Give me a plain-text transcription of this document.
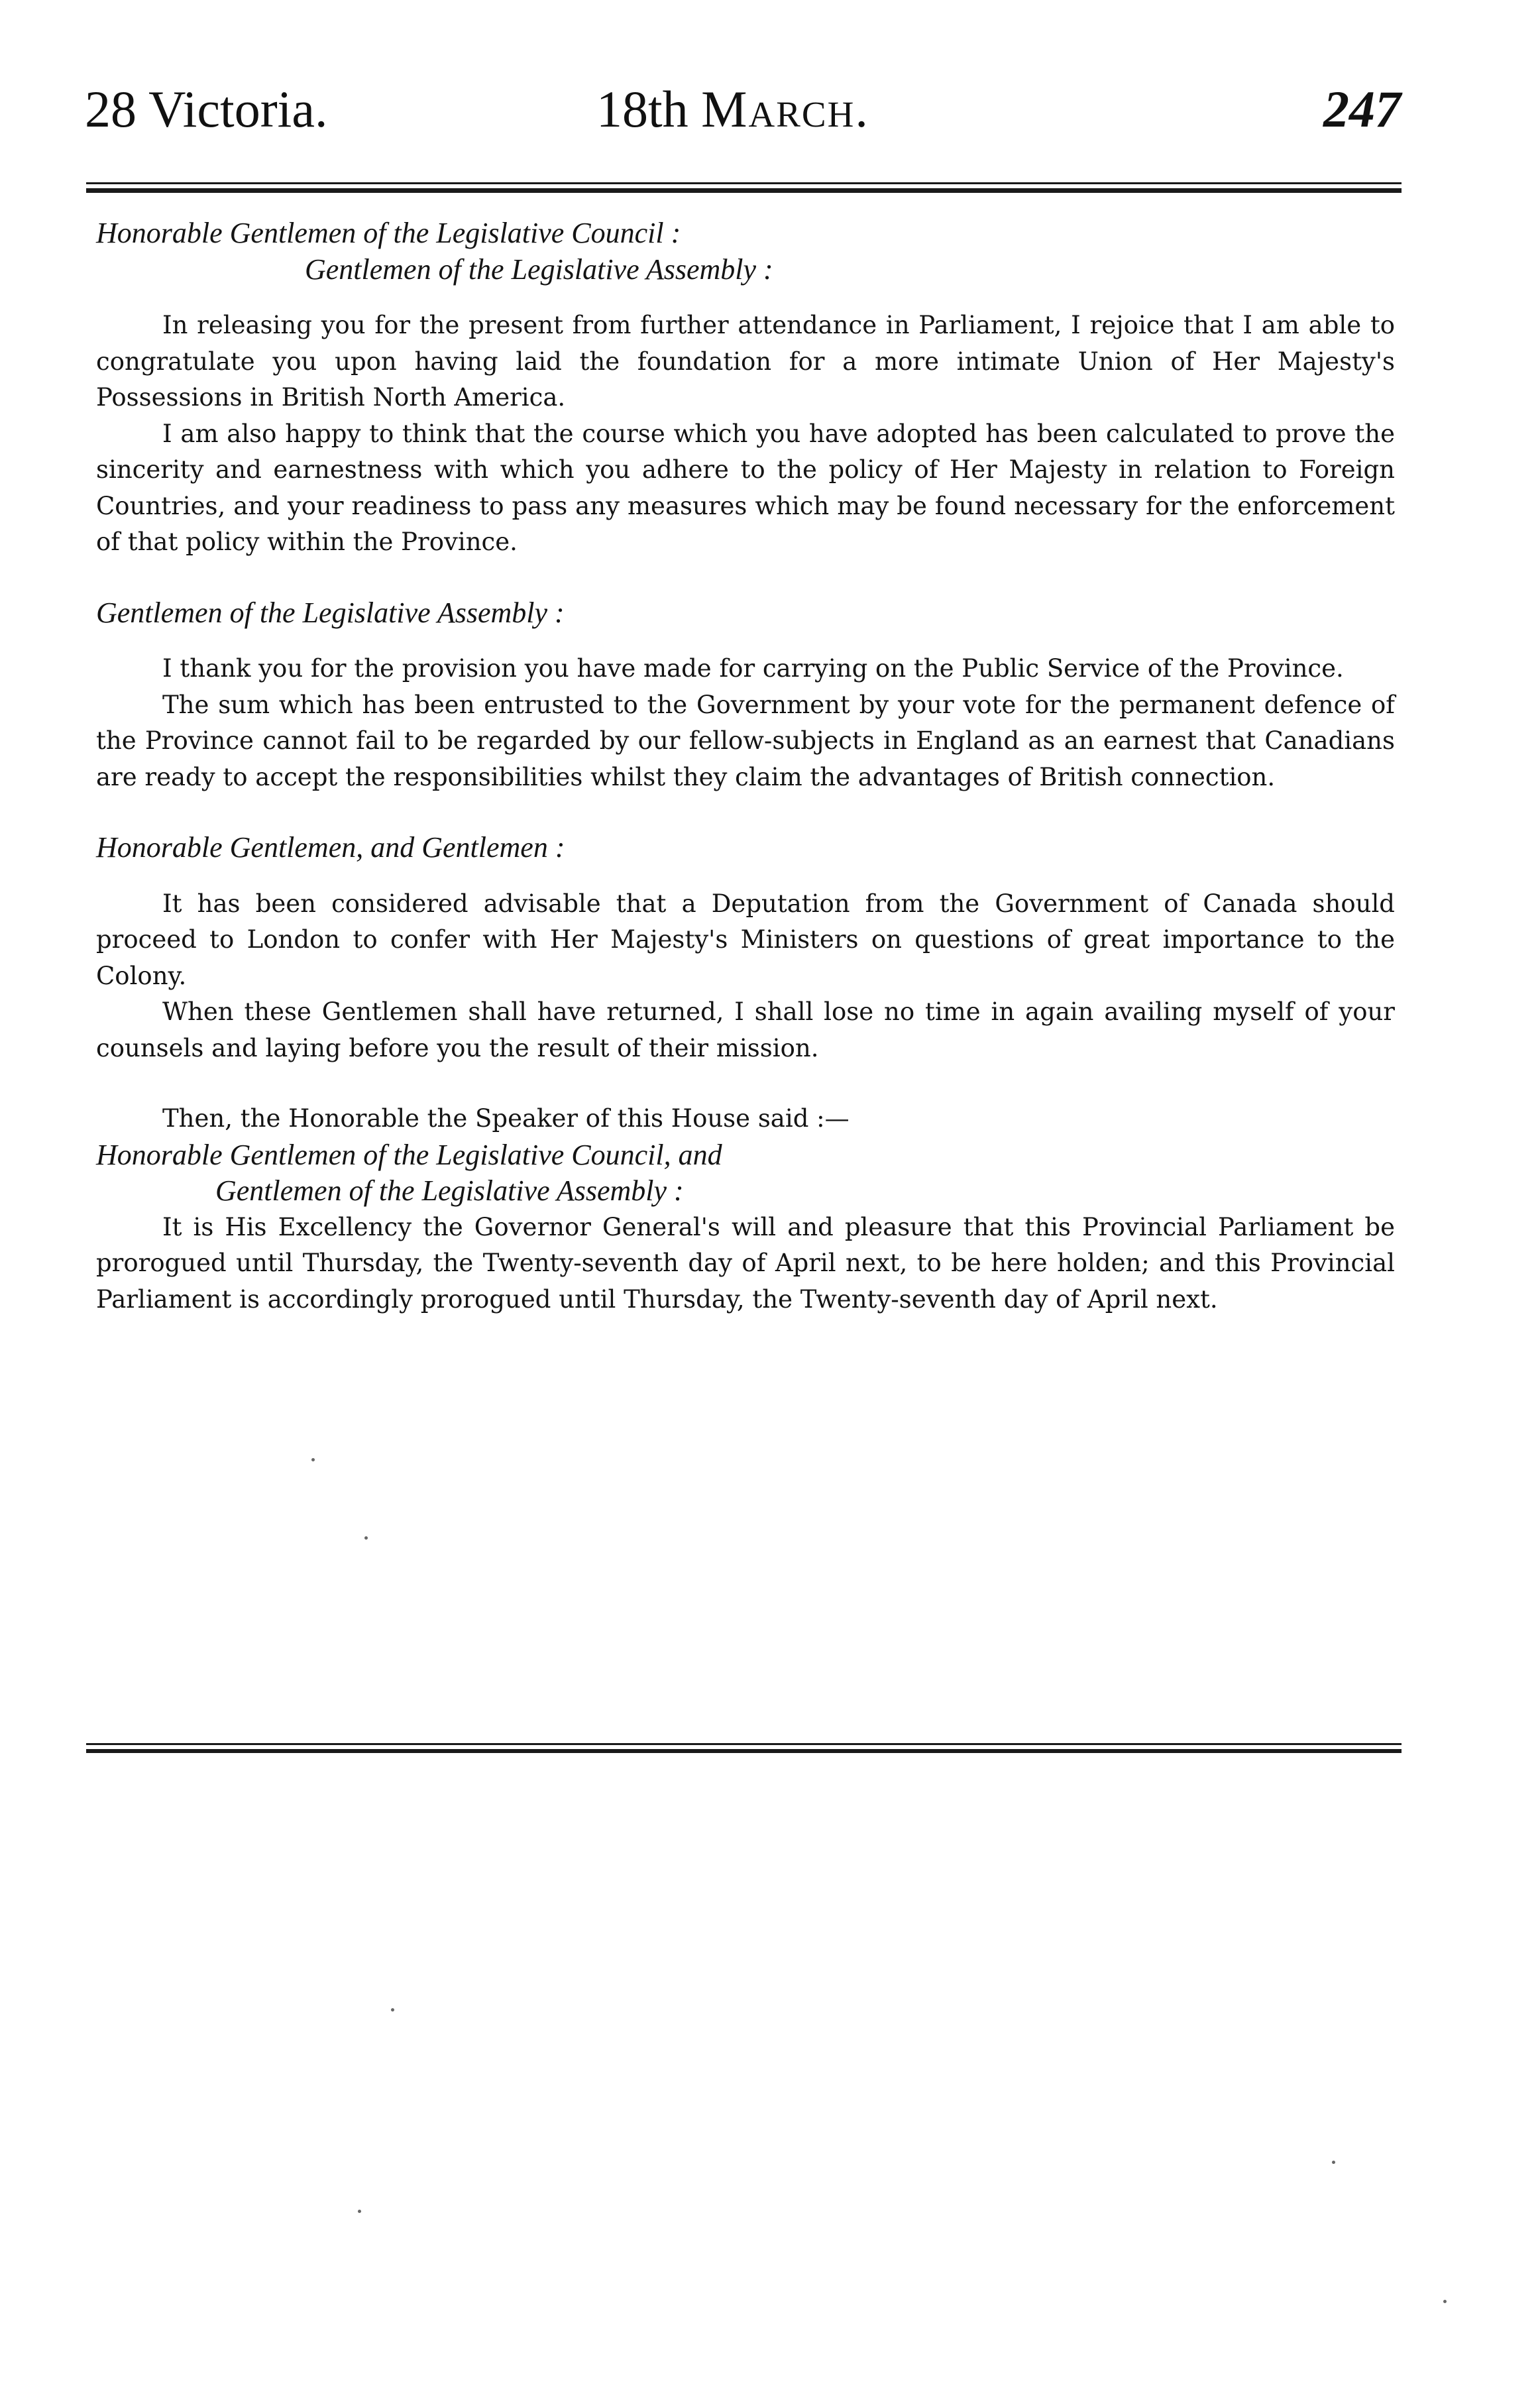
28 Victoria.	18th March.	247

Honorable Gentlemen of the Legislative Council :

Gentlemen of the Legislative Assembly :

In releasing you for the present from further attendance in Parliament, I rejoice that I am able to congratulate you upon having laid the foundation for a more intimate Union of Her Majesty's Possessions in British North America.

I am also happy to think that the course which you have adopted has been calculated to prove the sincerity and earnestness with which you adhere to the policy of Her Majesty in relation to Foreign Countries, and your readiness to pass any measures which may be found necessary for the enforcement of that policy within the Province.

Gentlemen of the Legislative Assembly :

I thank you for the provision you have made for carrying on the Public Service of the Province.

The sum which has been entrusted to the Government by your vote for the permanent defence of the Province cannot fail to be regarded by our fellow-subjects in England as an earnest that Canadians are ready to accept the responsibilities whilst they claim the advantages of British connection.

Honorable Gentlemen, and Gentlemen :

It has been considered advisable that a Deputation from the Government of Canada should proceed to London to confer with Her Majesty's Ministers on questions of great importance to the Colony.

When these Gentlemen shall have returned, I shall lose no time in again availing myself of your counsels and laying before you the result of their mission.

Then, the Honorable the Speaker of this House said :—

Honorable Gentlemen of the Legislative Council, and

Gentlemen of the Legislative Assembly :

It is His Excellency the Governor General's will and pleasure that this Provincial Parliament be prorogued until Thursday, the Twenty-seventh day of April next, to be here holden; and this Provincial Parliament is accordingly prorogued until Thursday, the Twenty-seventh day of April next.
